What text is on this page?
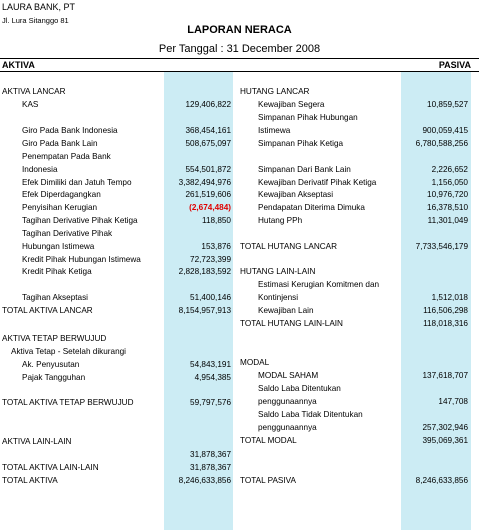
LAURA BANK, PT
Jl. Lura Sitanggo 81
LAPORAN NERACA
Per Tanggal : 31 December 2008
AKTIVA	PASIVA
AKTIVA LANCAR
KAS	129,406,822
Giro Pada Bank Indonesia	368,454,161
Giro Pada Bank Lain	508,675,097
Penempatan Pada Bank
Indonesia	554,501,872
Efek Dimiliki dan Jatuh Tempo	3,382,494,976
Efek Diperdagangkan	261,519,606
Penyisihan Kerugian	(2,674,484)
Tagihan Derivative Pihak Ketiga	118,850
Tagihan Derivative Pihak
Hubungan Istimewa	153,876
Kredit Pihak Hubungan Istimewa	72,723,399
Kredit Pihak Ketiga	2,828,183,592
Tagihan Akseptasi	51,400,146
TOTAL AKTIVA LANCAR	8,154,957,913
AKTIVA TETAP BERWUJUD
Aktiva Tetap - Setelah dikurangi
Ak. Penyusutan	54,843,191
Pajak Tangguhan	4,954,385
TOTAL AKTIVA TETAP BERWUJUD	59,797,576
AKTIVA LAIN-LAIN
31,878,367
TOTAL AKTIVA LAIN-LAIN	31,878,367
TOTAL AKTIVA	8,246,633,856
HUTANG LANCAR
Kewajiban Segera	10,859,527
Simpanan Pihak Hubungan
Istimewa	900,059,415
Simpanan Pihak Ketiga	6,780,588,256
Simpanan Dari Bank Lain	2,226,652
Kewajiban Derivatif Pihak Ketiga	1,156,050
Kewajiban Akseptasi	10,976,720
Pendapatan Diterima Dimuka	16,378,510
Hutang PPh	11,301,049
TOTAL HUTANG LANCAR	7,733,546,179
HUTANG LAIN-LAIN
Estimasi Kerugian Komitmen dan
Kontinjensi	1,512,018
Kewajiban Lain	116,506,298
TOTAL HUTANG LAIN-LAIN	118,018,316
MODAL
MODAL SAHAM	137,618,707
Saldo Laba Ditentukan
penggunaannya	147,708
Saldo Laba Tidak Ditentukan
penggunaannya	257,302,946
TOTAL MODAL	395,069,361
TOTAL PASIVA	8,246,633,856
